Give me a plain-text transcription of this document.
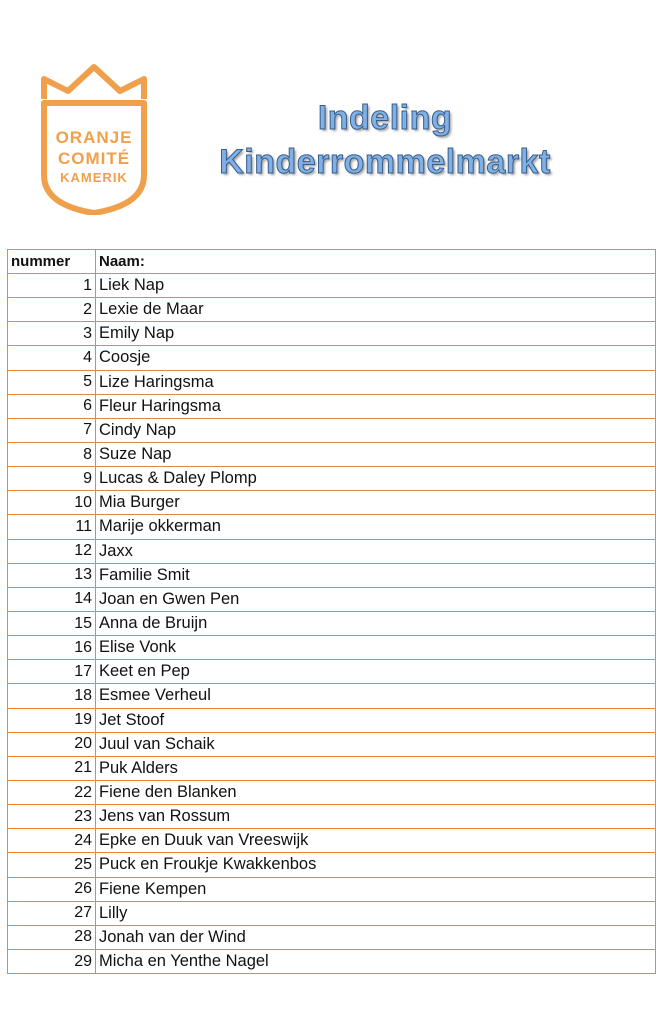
ORANJE
COMITÉ
KAMERIK
Indeling
Kinderrommelmarkt
nummer	Naam:
1	Liek Nap
2	Lexie de Maar
3	Emily Nap
4	Coosje
5	Lize Haringsma
6	Fleur Haringsma
7	Cindy Nap
8	Suze Nap
9	Lucas & Daley Plomp
10	Mia Burger
11	Marije okkerman
12	Jaxx
13	Familie Smit
14	Joan en Gwen Pen
15	Anna de Bruijn
16	Elise Vonk
17	Keet en Pep
18	Esmee Verheul
19	Jet Stoof
20	Juul van Schaik
21	Puk Alders
22	Fiene den Blanken
23	Jens van Rossum
24	Epke en Duuk van Vreeswijk
25	Puck en Froukje Kwakkenbos
26	Fiene Kempen
27	Lilly
28	Jonah van der Wind
29	Micha en Yenthe Nagel
